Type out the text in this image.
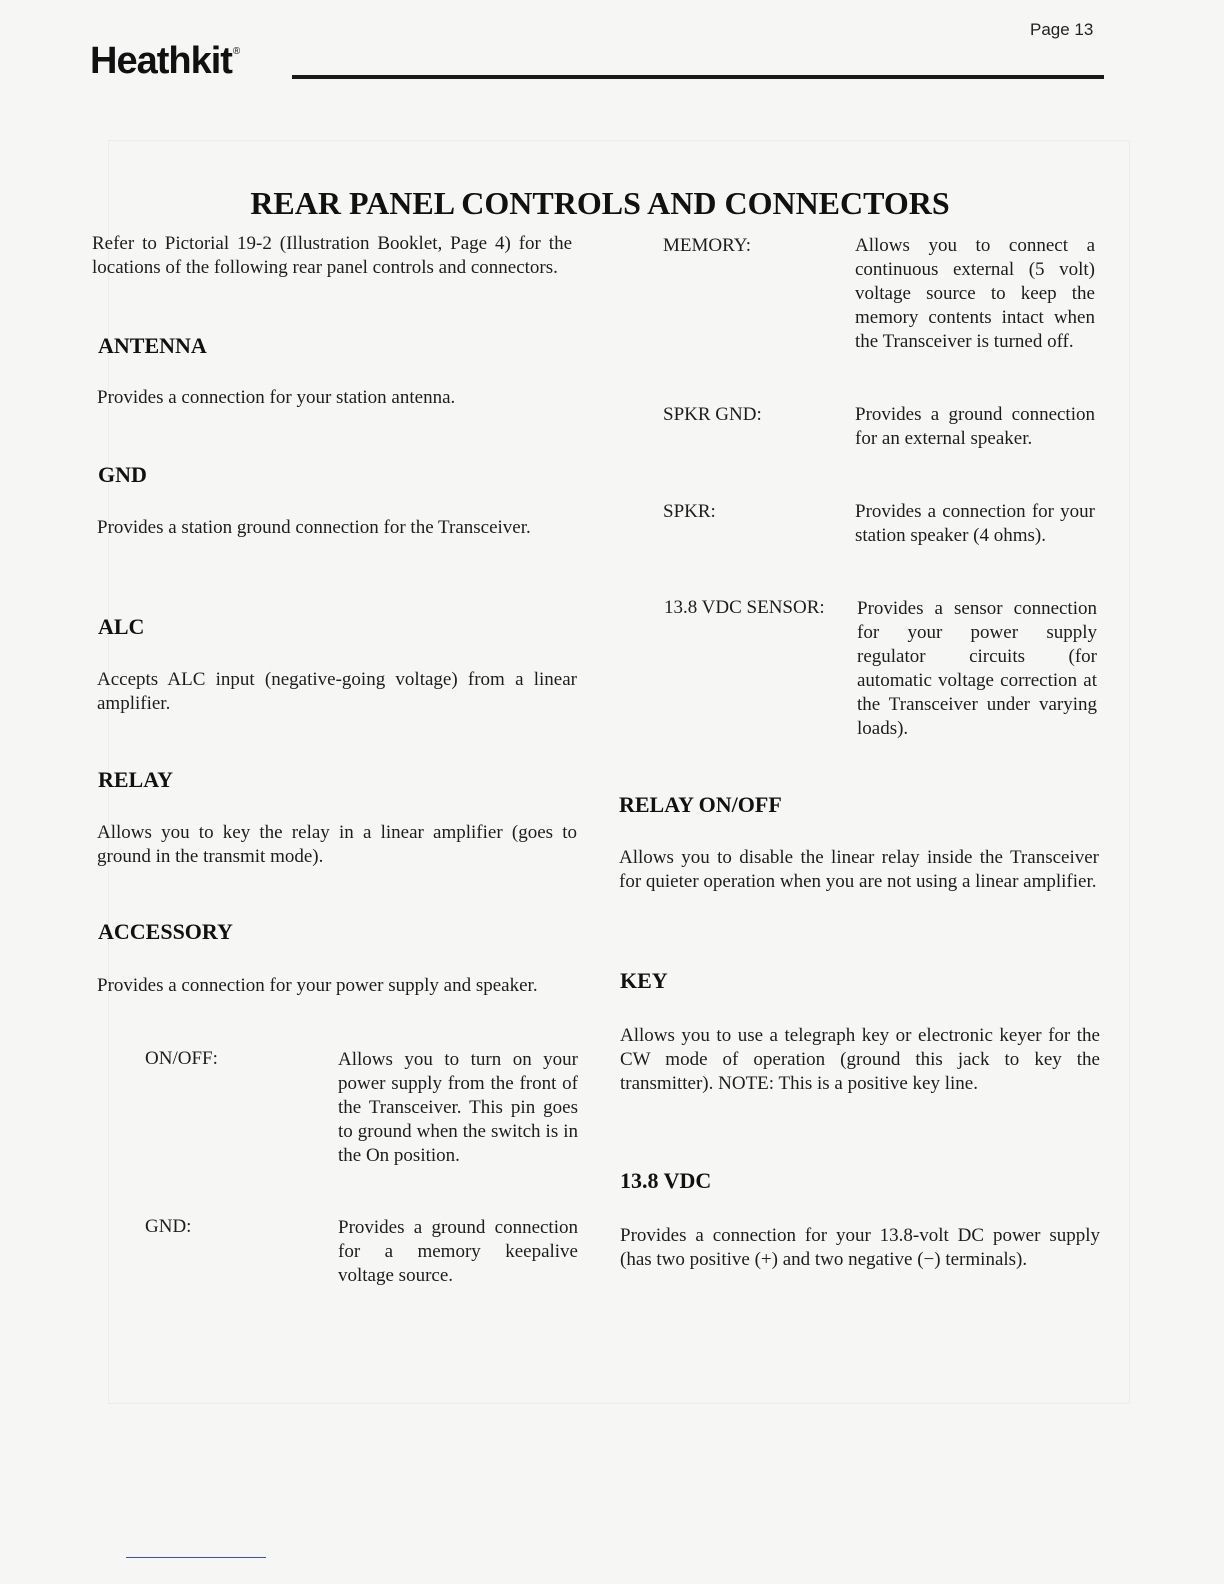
Page 13
Heathkit®
REAR PANEL CONTROLS AND CONNECTORS

Refer to Pictorial 19-2 (Illustration Booklet, Page 4) for the locations of the following rear panel controls and connectors.

ANTENNA

Provides a connection for your station antenna.

GND

Provides a station ground connection for the Transceiver.

ALC

Accepts ALC input (negative-going voltage) from a linear amplifier.

RELAY

Allows you to key the relay in a linear amplifier (goes to ground in the transmit mode).

ACCESSORY

Provides a connection for your power supply and speaker.

ON/OFF:	Allows you to turn on your power supply from the front of the Transceiver. This pin goes to ground when the switch is in the On position.

GND:	Provides a ground connection for a memory keepalive voltage source.

MEMORY:	Allows you to connect a continuous external (5 volt) voltage source to keep the memory contents intact when the Transceiver is turned off.

SPKR GND:	Provides a ground connection for an external speaker.

SPKR:	Provides a connection for your station speaker (4 ohms).

13.8 VDC SENSOR: Provides a sensor connection for your power supply regulator circuits (for automatic voltage correction at the Transceiver under varying loads).

RELAY ON/OFF

Allows you to disable the linear relay inside the Transceiver for quieter operation when you are not using a linear amplifier.

KEY

Allows you to use a telegraph key or electronic keyer for the CW mode of operation (ground this jack to key the transmitter). NOTE: This is a positive key line.

13.8 VDC

Provides a connection for your 13.8-volt DC power supply (has two positive (+) and two negative (−) terminals).
